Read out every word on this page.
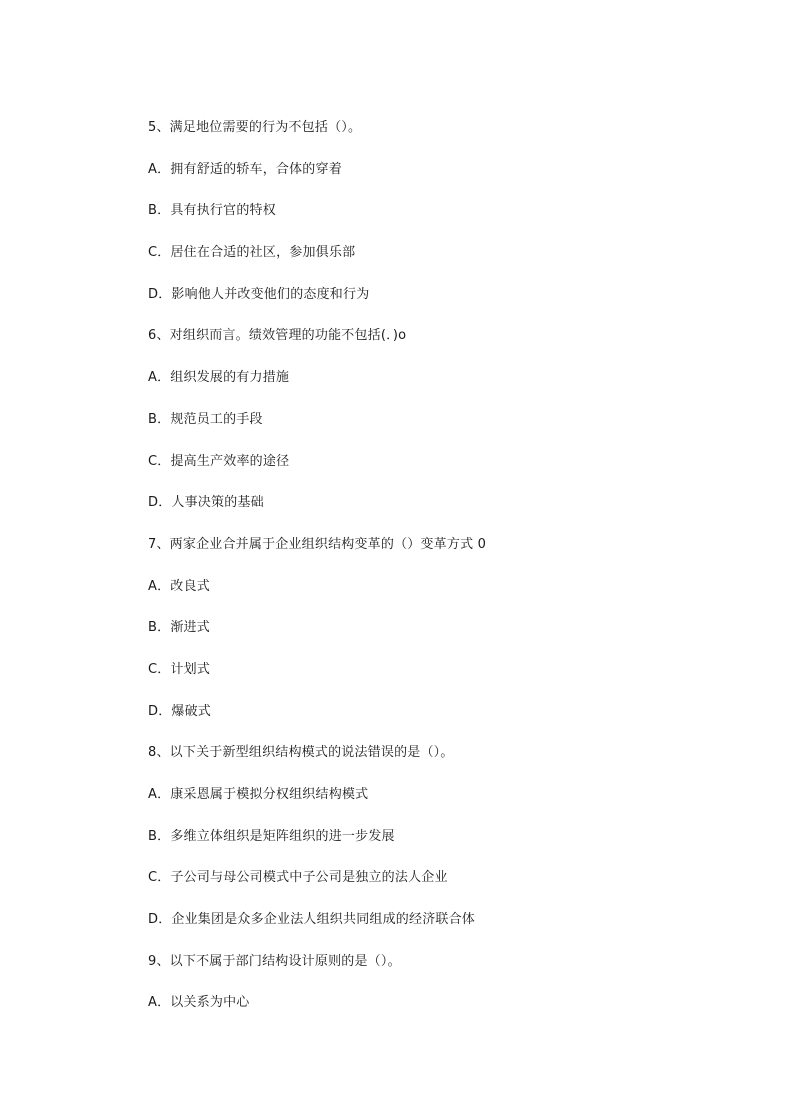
5、满足地位需要的行为不包括（）。
A．拥有舒适的轿车，合体的穿着
B．具有执行官的特权
C．居住在合适的社区，参加俱乐部
D．影响他人并改变他们的态度和行为
6、对组织而言。绩效管理的功能不包括(．)o
A．组织发展的有力措施
B．规范员工的手段
C．提高生产效率的途径
D．人事决策的基础
7、两家企业合并属于企业组织结构变革的（）变革方式 0
A．改良式
B．渐进式
C．计划式
D．爆破式
8、以下关于新型组织结构模式的说法错误的是（）。
A．康采恩属于模拟分权组织结构模式
B．多维立体组织是矩阵组织的进一步发展
C．子公司与母公司模式中子公司是独立的法人企业
D．企业集团是众多企业法人组织共同组成的经济联合体
9、以下不属于部门结构设计原则的是（）。
A．以关系为中心
